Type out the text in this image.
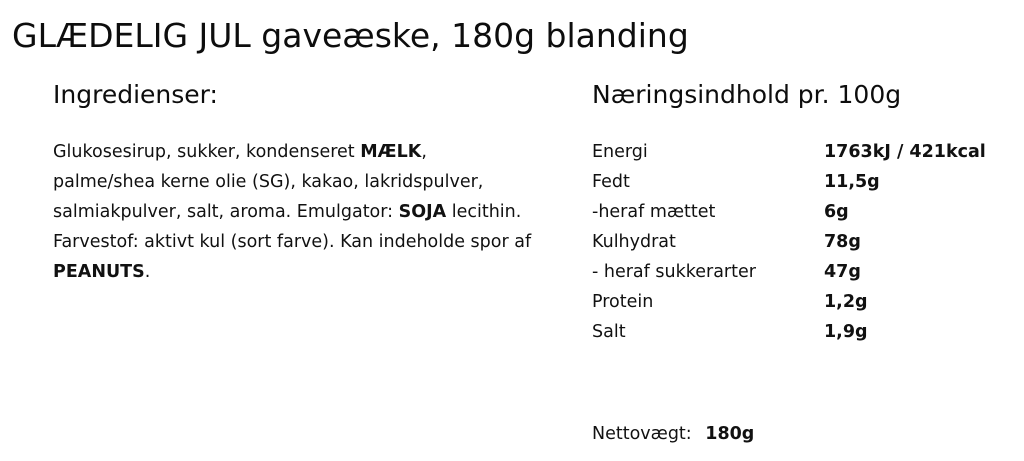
GLÆDELIG JUL gaveæske, 180g blanding
Ingredienser:
Glukosesirup, sukker, kondenseret MÆLK, palme/shea kerne olie (SG), kakao, lakridspulver, salmiakpulver, salt, aroma. Emulgator: SOJA lecithin. Farvestof: aktivt kul (sort farve). Kan indeholde spor af PEANUTS.
Næringsindhold pr. 100g
Energi	1763kJ / 421kcal
Fedt	11,5g
-heraf mættet	6g
Kulhydrat	78g
- heraf sukkerarter	47g
Protein	1,2g
Salt	1,9g
Nettovægt: 180g
